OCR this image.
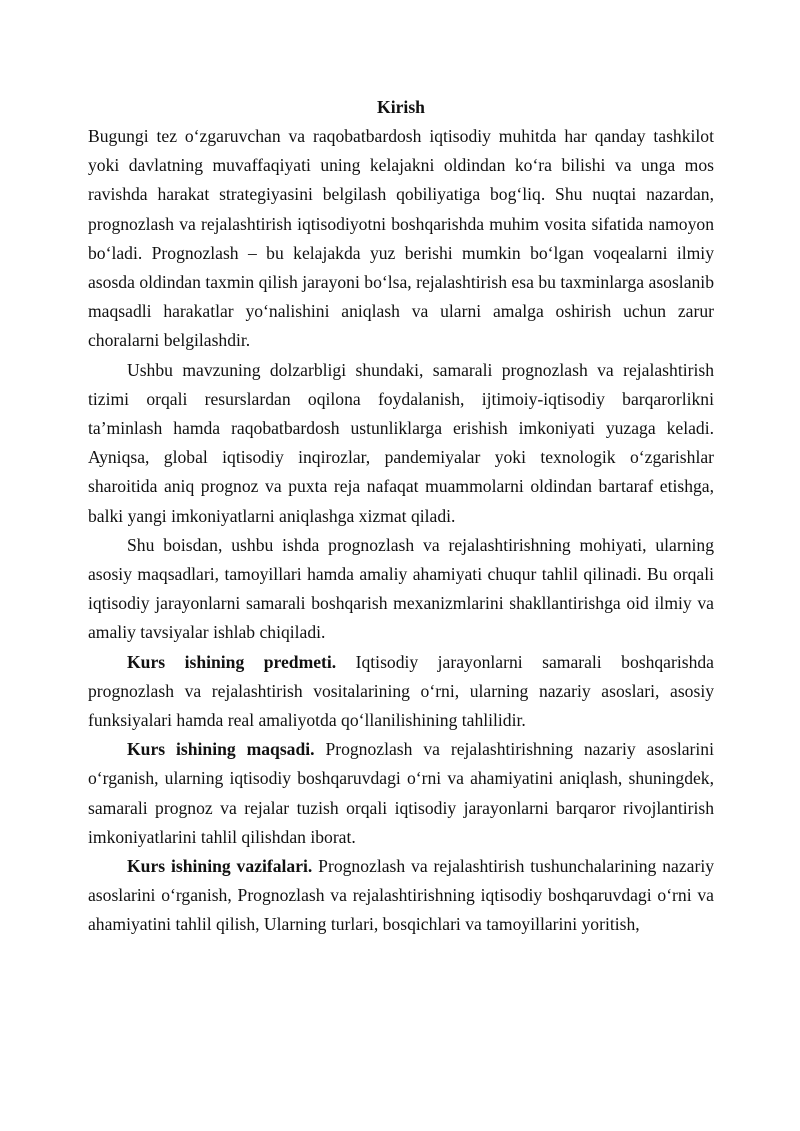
Kirish

Bugungi tez o‘zgaruvchan va raqobatbardosh iqtisodiy muhitda har qanday tashkilot yoki davlatning muvaffaqiyati uning kelajakni oldindan ko‘ra bilishi va unga mos ravishda harakat strategiyasini belgilash qobiliyatiga bog‘liq. Shu nuqtai nazardan, prognozlash va rejalashtirish iqtisodiyotni boshqarishda muhim vosita sifatida namoyon bo‘ladi. Prognozlash – bu kelajakda yuz berishi mumkin bo‘lgan voqealarni ilmiy asosda oldindan taxmin qilish jarayoni bo‘lsa, rejalashtirish esa bu taxminlarga asoslanib maqsadli harakatlar yo‘nalishini aniqlash va ularni amalga oshirish uchun zarur choralarni belgilashdir.

Ushbu mavzuning dolzarbligi shundaki, samarali prognozlash va rejalashtirish tizimi orqali resurslardan oqilona foydalanish, ijtimoiy-iqtisodiy barqarorlikni ta’minlash hamda raqobatbardosh ustunliklarga erishish imkoniyati yuzaga keladi. Ayniqsa, global iqtisodiy inqirozlar, pandemiyalar yoki texnologik o‘zgarishlar sharoitida aniq prognoz va puxta reja nafaqat muammolarni oldindan bartaraf etishga, balki yangi imkoniyatlarni aniqlashga xizmat qiladi.

Shu boisdan, ushbu ishda prognozlash va rejalashtirishning mohiyati, ularning asosiy maqsadlari, tamoyillari hamda amaliy ahamiyati chuqur tahlil qilinadi. Bu orqali iqtisodiy jarayonlarni samarali boshqarish mexanizmlarini shakllantirishga oid ilmiy va amaliy tavsiyalar ishlab chiqiladi.

Kurs ishining predmeti. Iqtisodiy jarayonlarni samarali boshqarishda prognozlash va rejalashtirish vositalarining o‘rni, ularning nazariy asoslari, asosiy funksiyalari hamda real amaliyotda qo‘llanilishining tahlilidir.

Kurs ishining maqsadi. Prognozlash va rejalashtirishning nazariy asoslarini o‘rganish, ularning iqtisodiy boshqaruvdagi o‘rni va ahamiyatini aniqlash, shuningdek, samarali prognoz va rejalar tuzish orqali iqtisodiy jarayonlarni barqaror rivojlantirish imkoniyatlarini tahlil qilishdan iborat.

Kurs ishining vazifalari. Prognozlash va rejalashtirish tushunchalarining nazariy asoslarini o‘rganish, Prognozlash va rejalashtirishning iqtisodiy boshqaruvdagi o‘rni va ahamiyatini tahlil qilish, Ularning turlari, bosqichlari va tamoyillarini yoritish,
